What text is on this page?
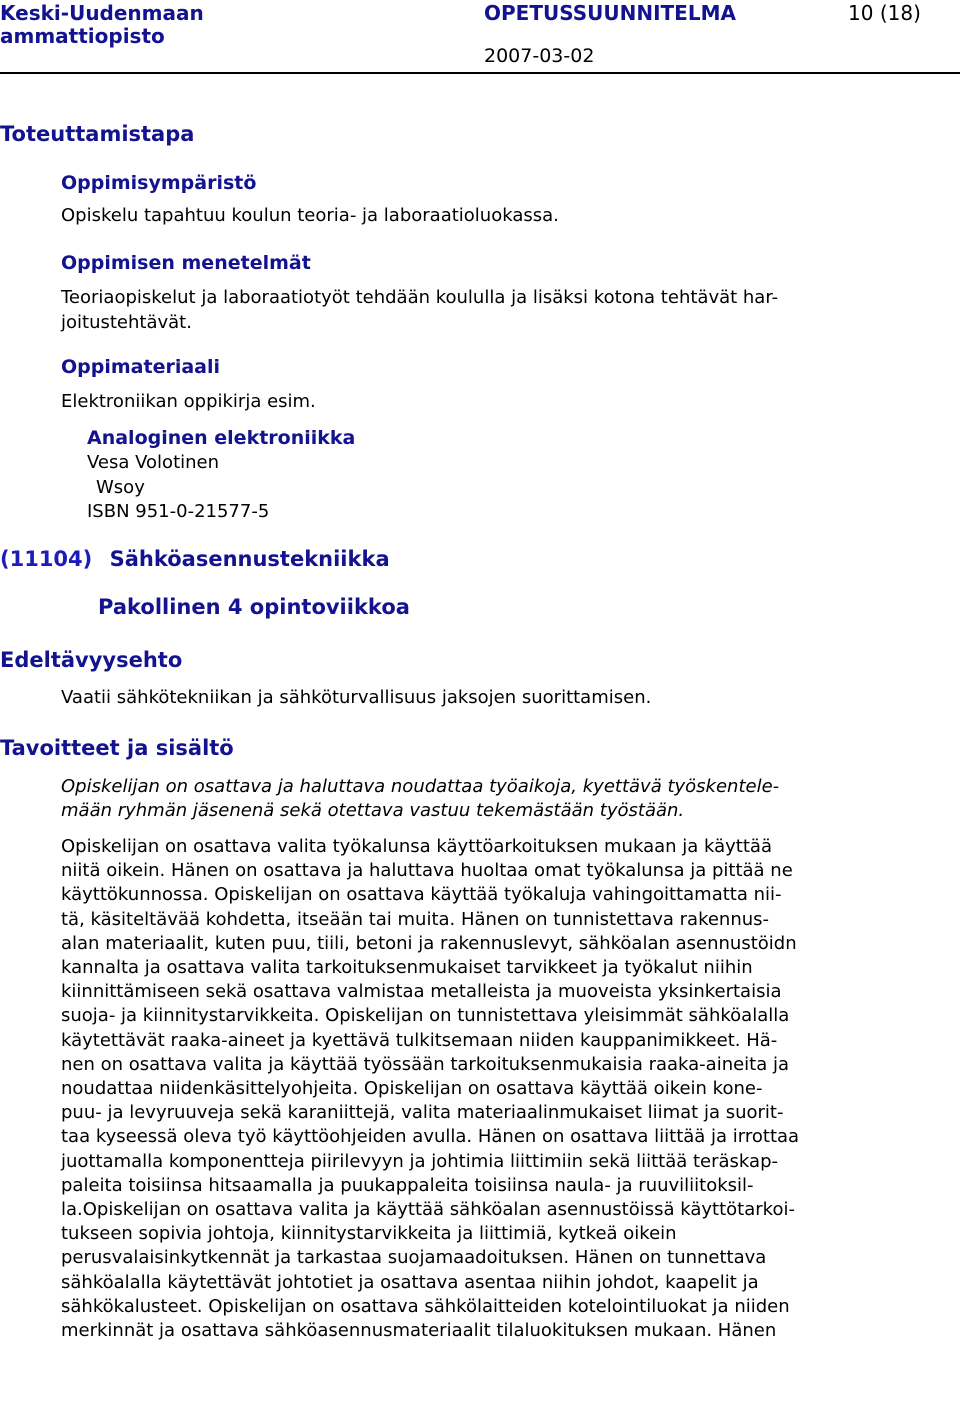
Keski-Uudenmaan
ammattiopisto
OPETUSSUUNNITELMA	10 (18)
2007-03-02
Toteuttamistapa
Oppimisympäristö
Opiskelu tapahtuu koulun teoria- ja laboraatioluokassa.
Oppimisen menetelmät
Teoriaopiskelut ja laboraatiotyöt tehdään koululla ja lisäksi kotona tehtävät har-
joitustehtävät.
Oppimateriaali
Elektroniikan oppikirja esim.
Analoginen elektroniikka
Vesa Volotinen
Wsoy
ISBN 951-0-21577-5
(11104) Sähköasennustekniikka
Pakollinen 4 opintoviikkoa
Edeltävyysehto
Vaatii sähkötekniikan ja sähköturvallisuus jaksojen suorittamisen.
Tavoitteet ja sisältö
Opiskelijan on osattava ja haluttava noudattaa työaikoja, kyettävä työskentele-
mään ryhmän jäsenenä sekä otettava vastuu tekemästään työstään.
Opiskelijan on osattava valita työkalunsa käyttöarkoituksen mukaan ja käyttää
niitä oikein. Hänen on osattava ja haluttava huoltaa omat työkalunsa ja pittää ne
käyttökunnossa. Opiskelijan on osattava käyttää työkaluja vahingoittamatta nii-
tä, käsiteltävää kohdetta, itseään tai muita. Hänen on tunnistettava rakennus-
alan materiaalit, kuten puu, tiili, betoni ja rakennuslevyt, sähköalan asennustöidn
kannalta ja osattava valita tarkoituksenmukaiset tarvikkeet ja työkalut niihin
kiinnittämiseen sekä osattava valmistaa metalleista ja muoveista yksinkertaisia
suoja- ja kiinnitystarvikkeita. Opiskelijan on tunnistettava yleisimmät sähköalalla
käytettävät raaka-aineet ja kyettävä tulkitsemaan niiden kauppanimikkeet. Hä-
nen on osattava valita ja käyttää työssään tarkoituksenmukaisia raaka-aineita ja
noudattaa niidenkäsittelyohjeita. Opiskelijan on osattava käyttää oikein kone-
puu- ja levyruuveja sekä karaniittejä, valita materiaalinmukaiset liimat ja suorit-
taa kyseessä oleva työ käyttöohjeiden avulla. Hänen on osattava liittää ja irrottaa
juottamalla komponentteja piirilevyyn ja johtimia liittimiin sekä liittää teräskap-
paleita toisiinsa hitsaamalla ja puukappaleita toisiinsa naula- ja ruuviliitoksil-
la.Opiskelijan on osattava valita ja käyttää sähköalan asennustöissä käyttötarkoi-
tukseen sopivia johtoja, kiinnitystarvikkeita ja liittimiä, kytkeä oikein
perusvalaisinkytkennät ja tarkastaa suojamaadoituksen. Hänen on tunnettava
sähköalalla käytettävät johtotiet ja osattava asentaa niihin johdot, kaapelit ja
sähkökalusteet. Opiskelijan on osattava sähkölaitteiden kotelointiluokat ja niiden
merkinnät ja osattava sähköasennusmateriaalit tilaluokituksen mukaan. Hänen
